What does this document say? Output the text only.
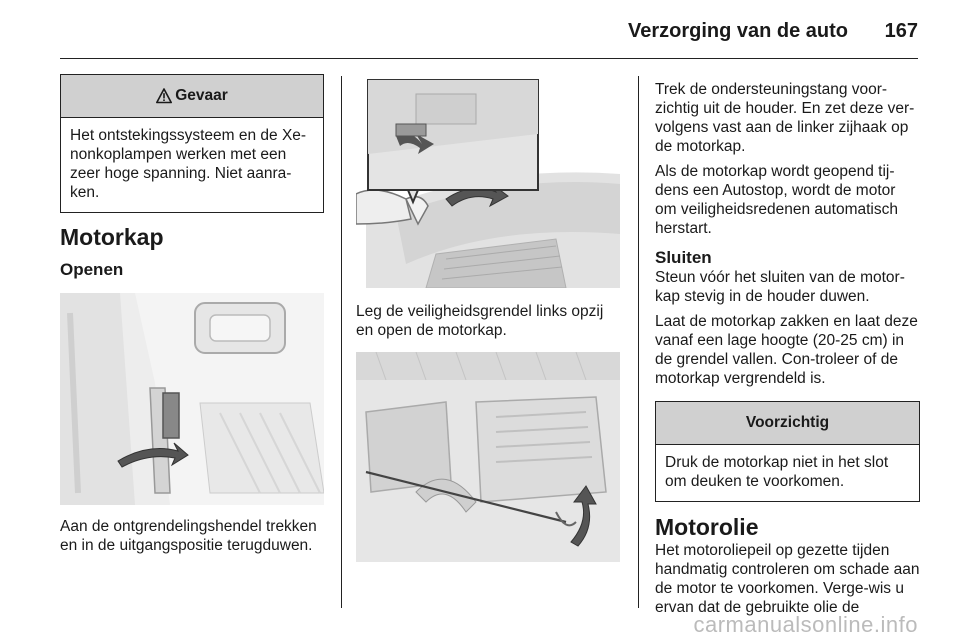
Verzorging van de auto 167
Gevaar
Het ontstekingssysteem en de Xe-nonkoplampen werken met een zeer hoge spanning. Niet aanra-ken.
Motorkap
Openen

Aan de ontgrendelingshendel trekken en in de uitgangspositie terugduwen.

Leg de veiligheidsgrendel links opzij en open de motorkap.

Trek de ondersteuningstang voor-zichtig uit de houder. En zet deze ver-volgens vast aan de linker zijhaak op de motorkap.

Als de motorkap wordt geopend tij-dens een Autostop, wordt de motor om veiligheidsredenen automatisch herstart.

Sluiten

Steun vóór het sluiten van de motor-kap stevig in de houder duwen.

Laat de motorkap zakken en laat deze vanaf een lage hoogte (20-25 cm) in de grendel vallen. Con-troleer of de motorkap vergrendeld is.

Voorzichtig
Druk de motorkap niet in het slot om deuken te voorkomen.
Motorolie

Het motoroliepeil op gezette tijden handmatig controleren om schade aan de motor te voorkomen. Verge-wis u ervan dat de gebruikte olie de

carmanualsonline.info
